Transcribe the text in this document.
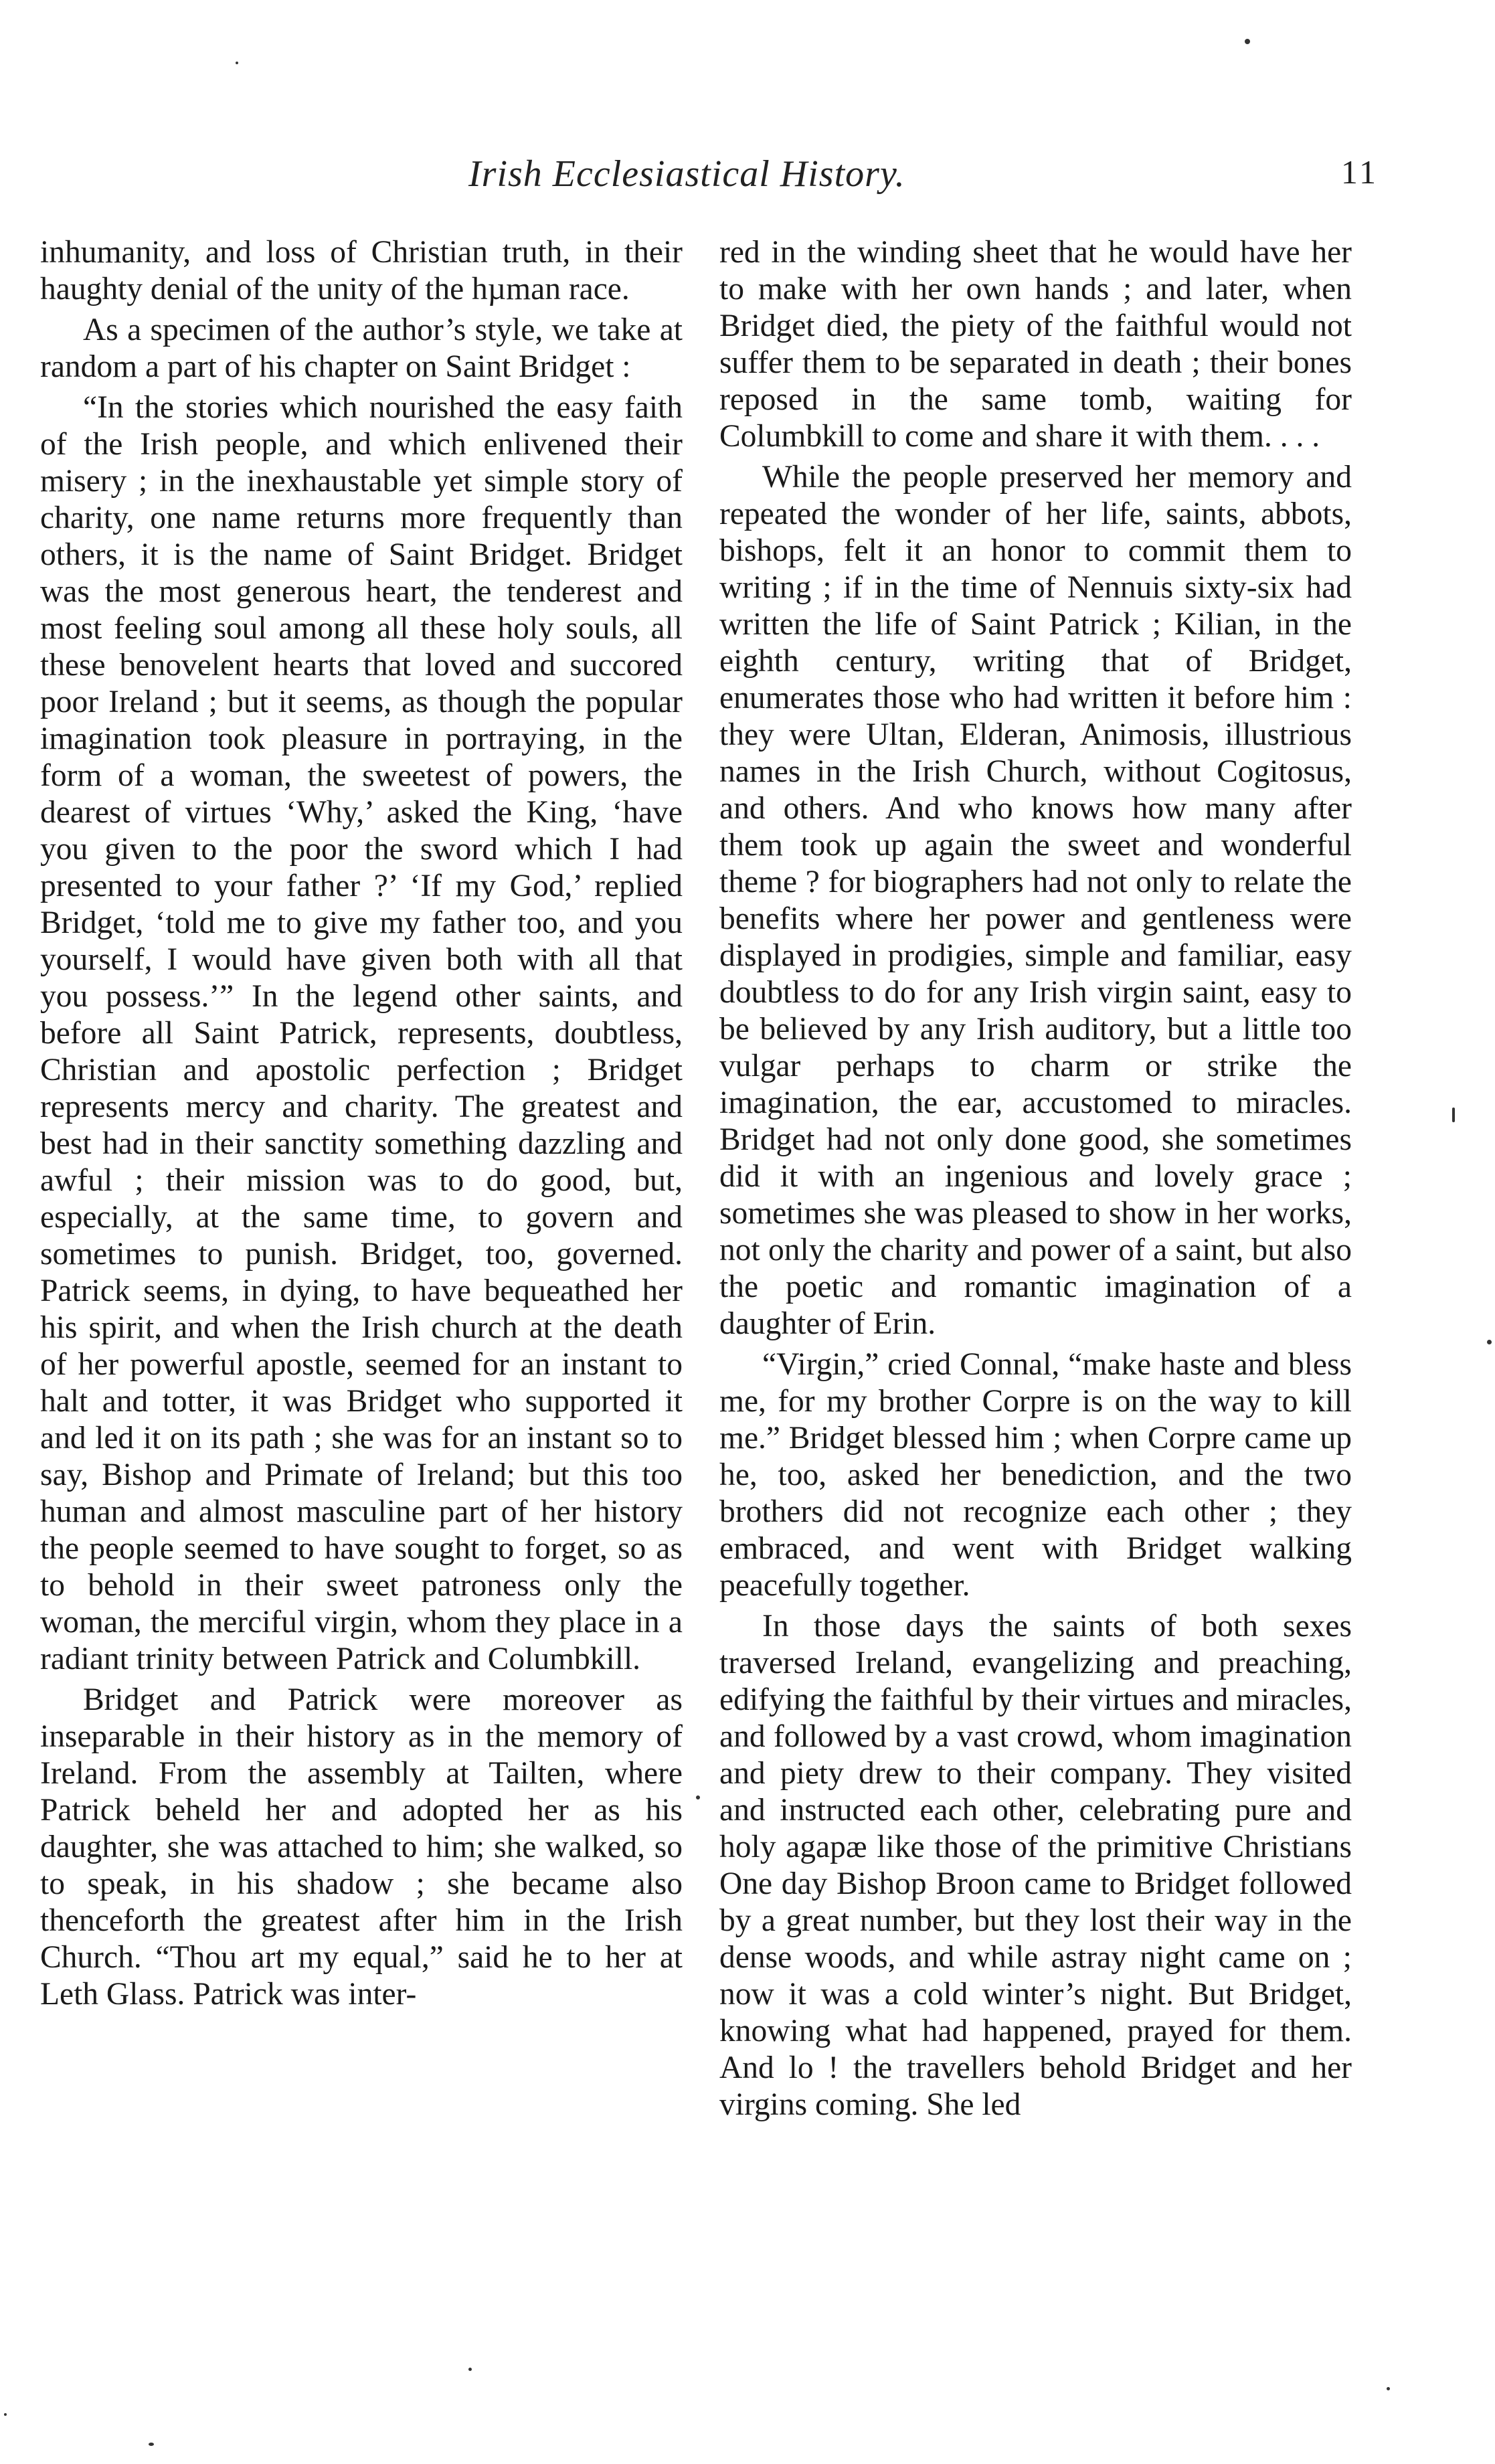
Irish Ecclesiastical History.	11

inhumanity, and loss of Christian truth, in their haughty denial of the unity of the hµman race.

As a specimen of the author’s style, we take at random a part of his chapter on Saint Bridget :

“In the stories which nourished the easy faith of the Irish people, and which enlivened their misery ; in the inexhaustable yet simple story of charity, one name returns more frequently than others, it is the name of Saint Bridget. Bridget was the most generous heart, the tenderest and most feeling soul among all these holy souls, all these benovelent hearts that loved and succored poor Ireland ; but it seems, as though the popular imagination took pleasure in portraying, in the form of a woman, the sweetest of powers, the dearest of virtues ‘Why,’ asked the King, ‘have you given to the poor the sword which I had presented to your father ?’ ‘If my God,’ replied Bridget, ‘told me to give my father too, and you yourself, I would have given both with all that you possess.’” In the legend other saints, and before all Saint Patrick, represents, doubtless, Christian and apostolic perfection ; Bridget represents mercy and charity. The greatest and best had in their sanctity something dazzling and awful ; their mission was to do good, but, especially, at the same time, to govern and sometimes to punish. Bridget, too, governed. Patrick seems, in dying, to have bequeathed her his spirit, and when the Irish church at the death of her powerful apostle, seemed for an instant to halt and totter, it was Bridget who supported it and led it on its path ; she was for an instant so to say, Bishop and Primate of Ireland; but this too human and almost masculine part of her history the people seemed to have sought to forget, so as to behold in their sweet patroness only the woman, the merciful virgin, whom they place in a radiant trinity between Patrick and Columbkill.

Bridget and Patrick were moreover as inseparable in their history as in the memory of Ireland. From the assembly at Tailten, where Patrick beheld her and adopted her as his daughter, she was attached to him; she walked, so to speak, in his shadow ; she became also thenceforth the greatest after him in the Irish Church. “Thou art my equal,” said he to her at Leth Glass. Patrick was inter-

red in the winding sheet that he would have her to make with her own hands ; and later, when Bridget died, the piety of the faithful would not suffer them to be separated in death ; their bones reposed in the same tomb, waiting for Columbkill to come and share it with them. . . .

While the people preserved her memory and repeated the wonder of her life, saints, abbots, bishops, felt it an honor to commit them to writing ; if in the time of Nennuis sixty-six had written the life of Saint Patrick ; Kilian, in the eighth century, writing that of Bridget, enumerates those who had written it before him : they were Ultan, Elderan, Animosis, illustrious names in the Irish Church, without Cogitosus, and others. And who knows how many after them took up again the sweet and wonderful theme ? for biographers had not only to relate the benefits where her power and gentleness were displayed in prodigies, simple and familiar, easy doubtless to do for any Irish virgin saint, easy to be believed by any Irish auditory, but a little too vulgar perhaps to charm or strike the imagination, the ear, accustomed to miracles. Bridget had not only done good, she sometimes did it with an ingenious and lovely grace ; sometimes she was pleased to show in her works, not only the charity and power of a saint, but also the poetic and romantic imagination of a daughter of Erin.

“Virgin,” cried Connal, “make haste and bless me, for my brother Corpre is on the way to kill me.” Bridget blessed him ; when Corpre came up he, too, asked her benediction, and the two brothers did not recognize each other ; they embraced, and went with Bridget walking peacefully together.

In those days the saints of both sexes traversed Ireland, evangelizing and preaching, edifying the faithful by their virtues and miracles, and followed by a vast crowd, whom imagination and piety drew to their company. They visited and instructed each other, celebrating pure and holy agapæ like those of the primitive Christians One day Bishop Broon came to Bridget followed by a great number, but they lost their way in the dense woods, and while astray night came on ; now it was a cold winter’s night. But Bridget, knowing what had happened, prayed for them. And lo ! the travellers behold Bridget and her virgins coming. She led
